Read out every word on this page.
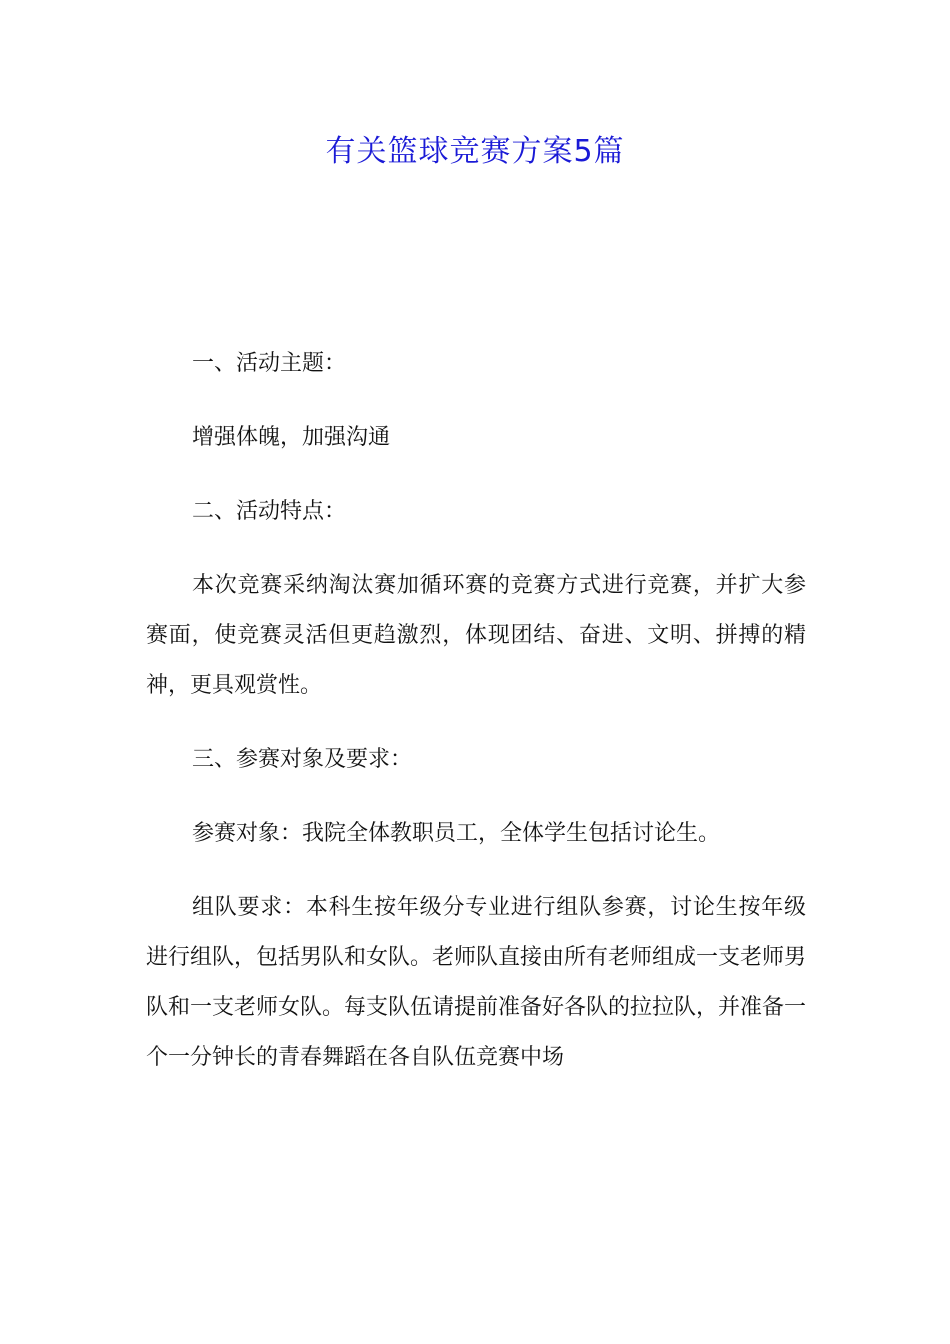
有关篮球竞赛方案5篇

一、活动主题：

增强体魄，加强沟通

二、活动特点：

本次竞赛采纳淘汰赛加循环赛的竞赛方式进行竞赛，并扩大参赛面，使竞赛灵活但更趋激烈，体现团结、奋进、文明、拼搏的精神，更具观赏性。

三、参赛对象及要求：

参赛对象：我院全体教职员工，全体学生包括讨论生。

组队要求：本科生按年级分专业进行组队参赛，讨论生按年级进行组队，包括男队和女队。老师队直接由所有老师组成一支老师男队和一支老师女队。每支队伍请提前准备好各队的拉拉队，并准备一个一分钟长的青春舞蹈在各自队伍竞赛中场
